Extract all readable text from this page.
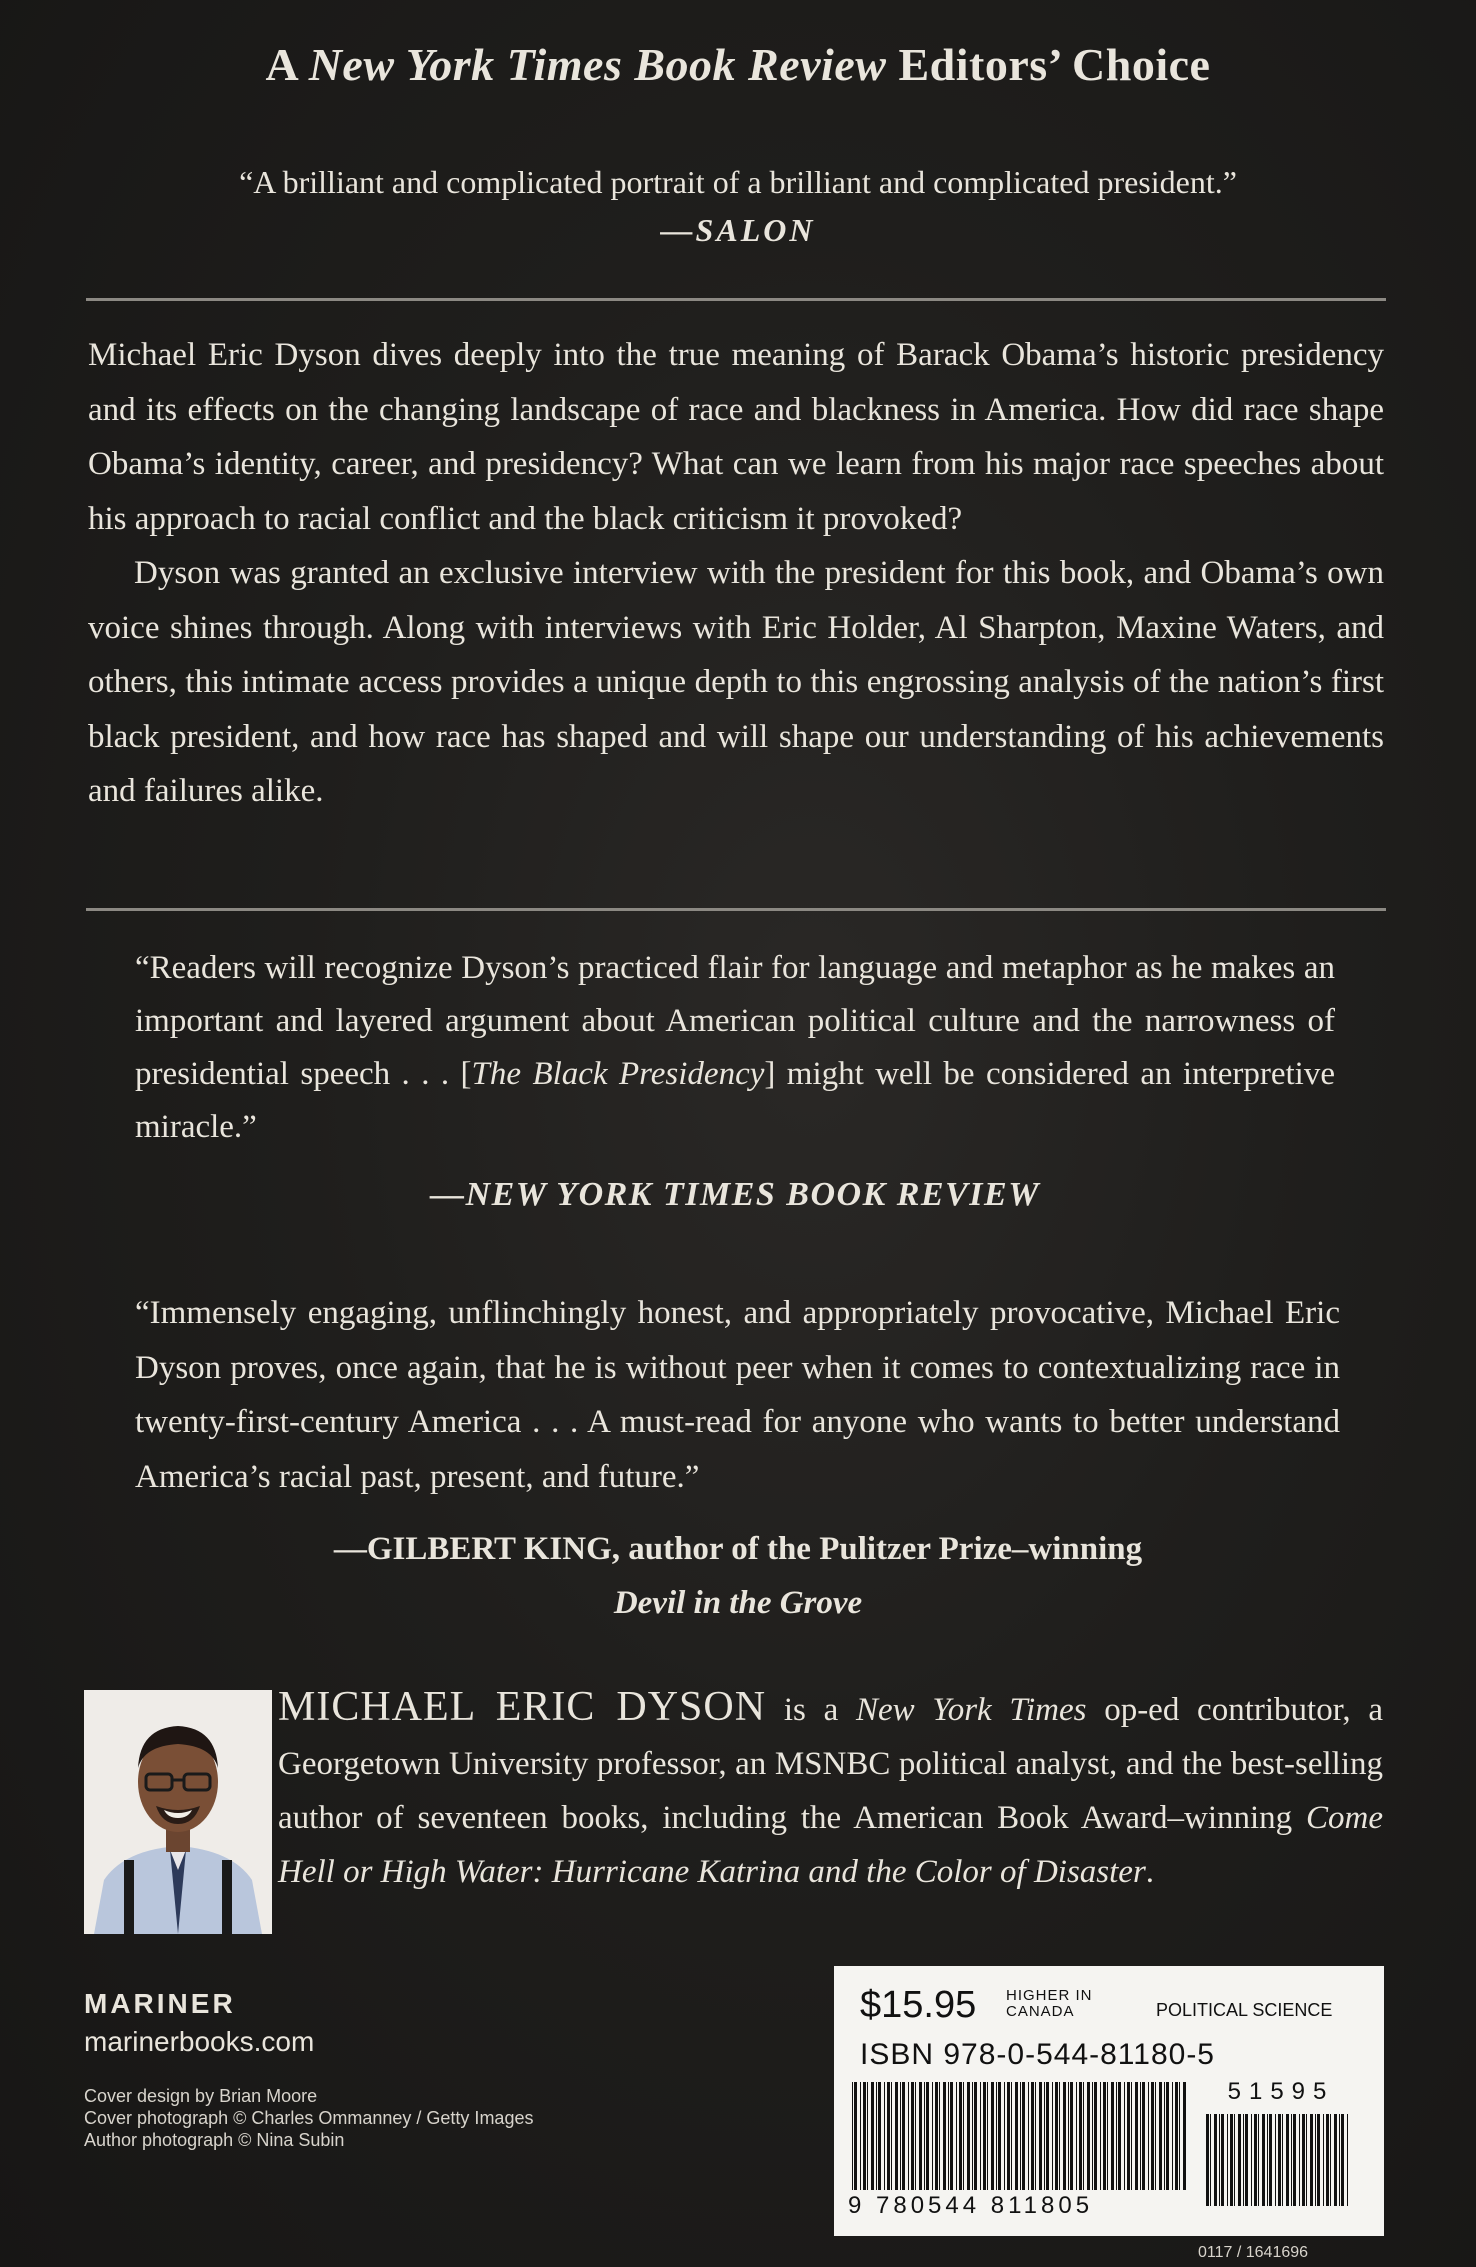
A New York Times Book Review Editors’ Choice
“A brilliant and complicated portrait of a brilliant and complicated president.”
—SALON

Michael Eric Dyson dives deeply into the true meaning of Barack Obama’s historic presidency and its effects on the changing landscape of race and blackness in America. How did race shape Obama’s identity, career, and presidency? What can we learn from his major race speeches about his approach to racial conflict and the black criticism it provoked?

Dyson was granted an exclusive interview with the president for this book, and Obama’s own voice shines through. Along with interviews with Eric Holder, Al Sharpton, Maxine Waters, and others, this intimate access provides a unique depth to this engrossing analysis of the nation’s first black president, and how race has shaped and will shape our understanding of his achievements and failures alike.

“Readers will recognize Dyson’s practiced flair for language and metaphor as he makes an important and layered argument about American political culture and the narrowness of presidential speech . . . [The Black Presidency] might well be considered an interpretive miracle.”
—NEW YORK TIMES BOOK REVIEW
“Immensely engaging, unflinchingly honest, and appropriately provocative, Michael Eric Dyson proves, once again, that he is without peer when it comes to contextualizing race in twenty-first-century America . . . A must-read for anyone who wants to better understand America’s racial past, present, and future.”
—GILBERT KING, author of the Pulitzer Prize–winning
Devil in the Grove
MICHAEL ERIC DYSON is a New York Times op-ed contributor, a Georgetown University professor, an MSNBC political analyst, and the best-selling author of seventeen books, including the American Book Award–winning Come Hell or High Water: Hurricane Katrina and the Color of Disaster.
MARINER
marinerbooks.com
Cover design by Brian Moore
Cover photograph © Charles Ommanney / Getty Images
Author photograph © Nina Subin
$15.95 HIGHER IN
CANADA	POLITICAL SCIENCE
ISBN 978-0-544-81180-5
51595
9 780544 811805
0117 / 1641696
